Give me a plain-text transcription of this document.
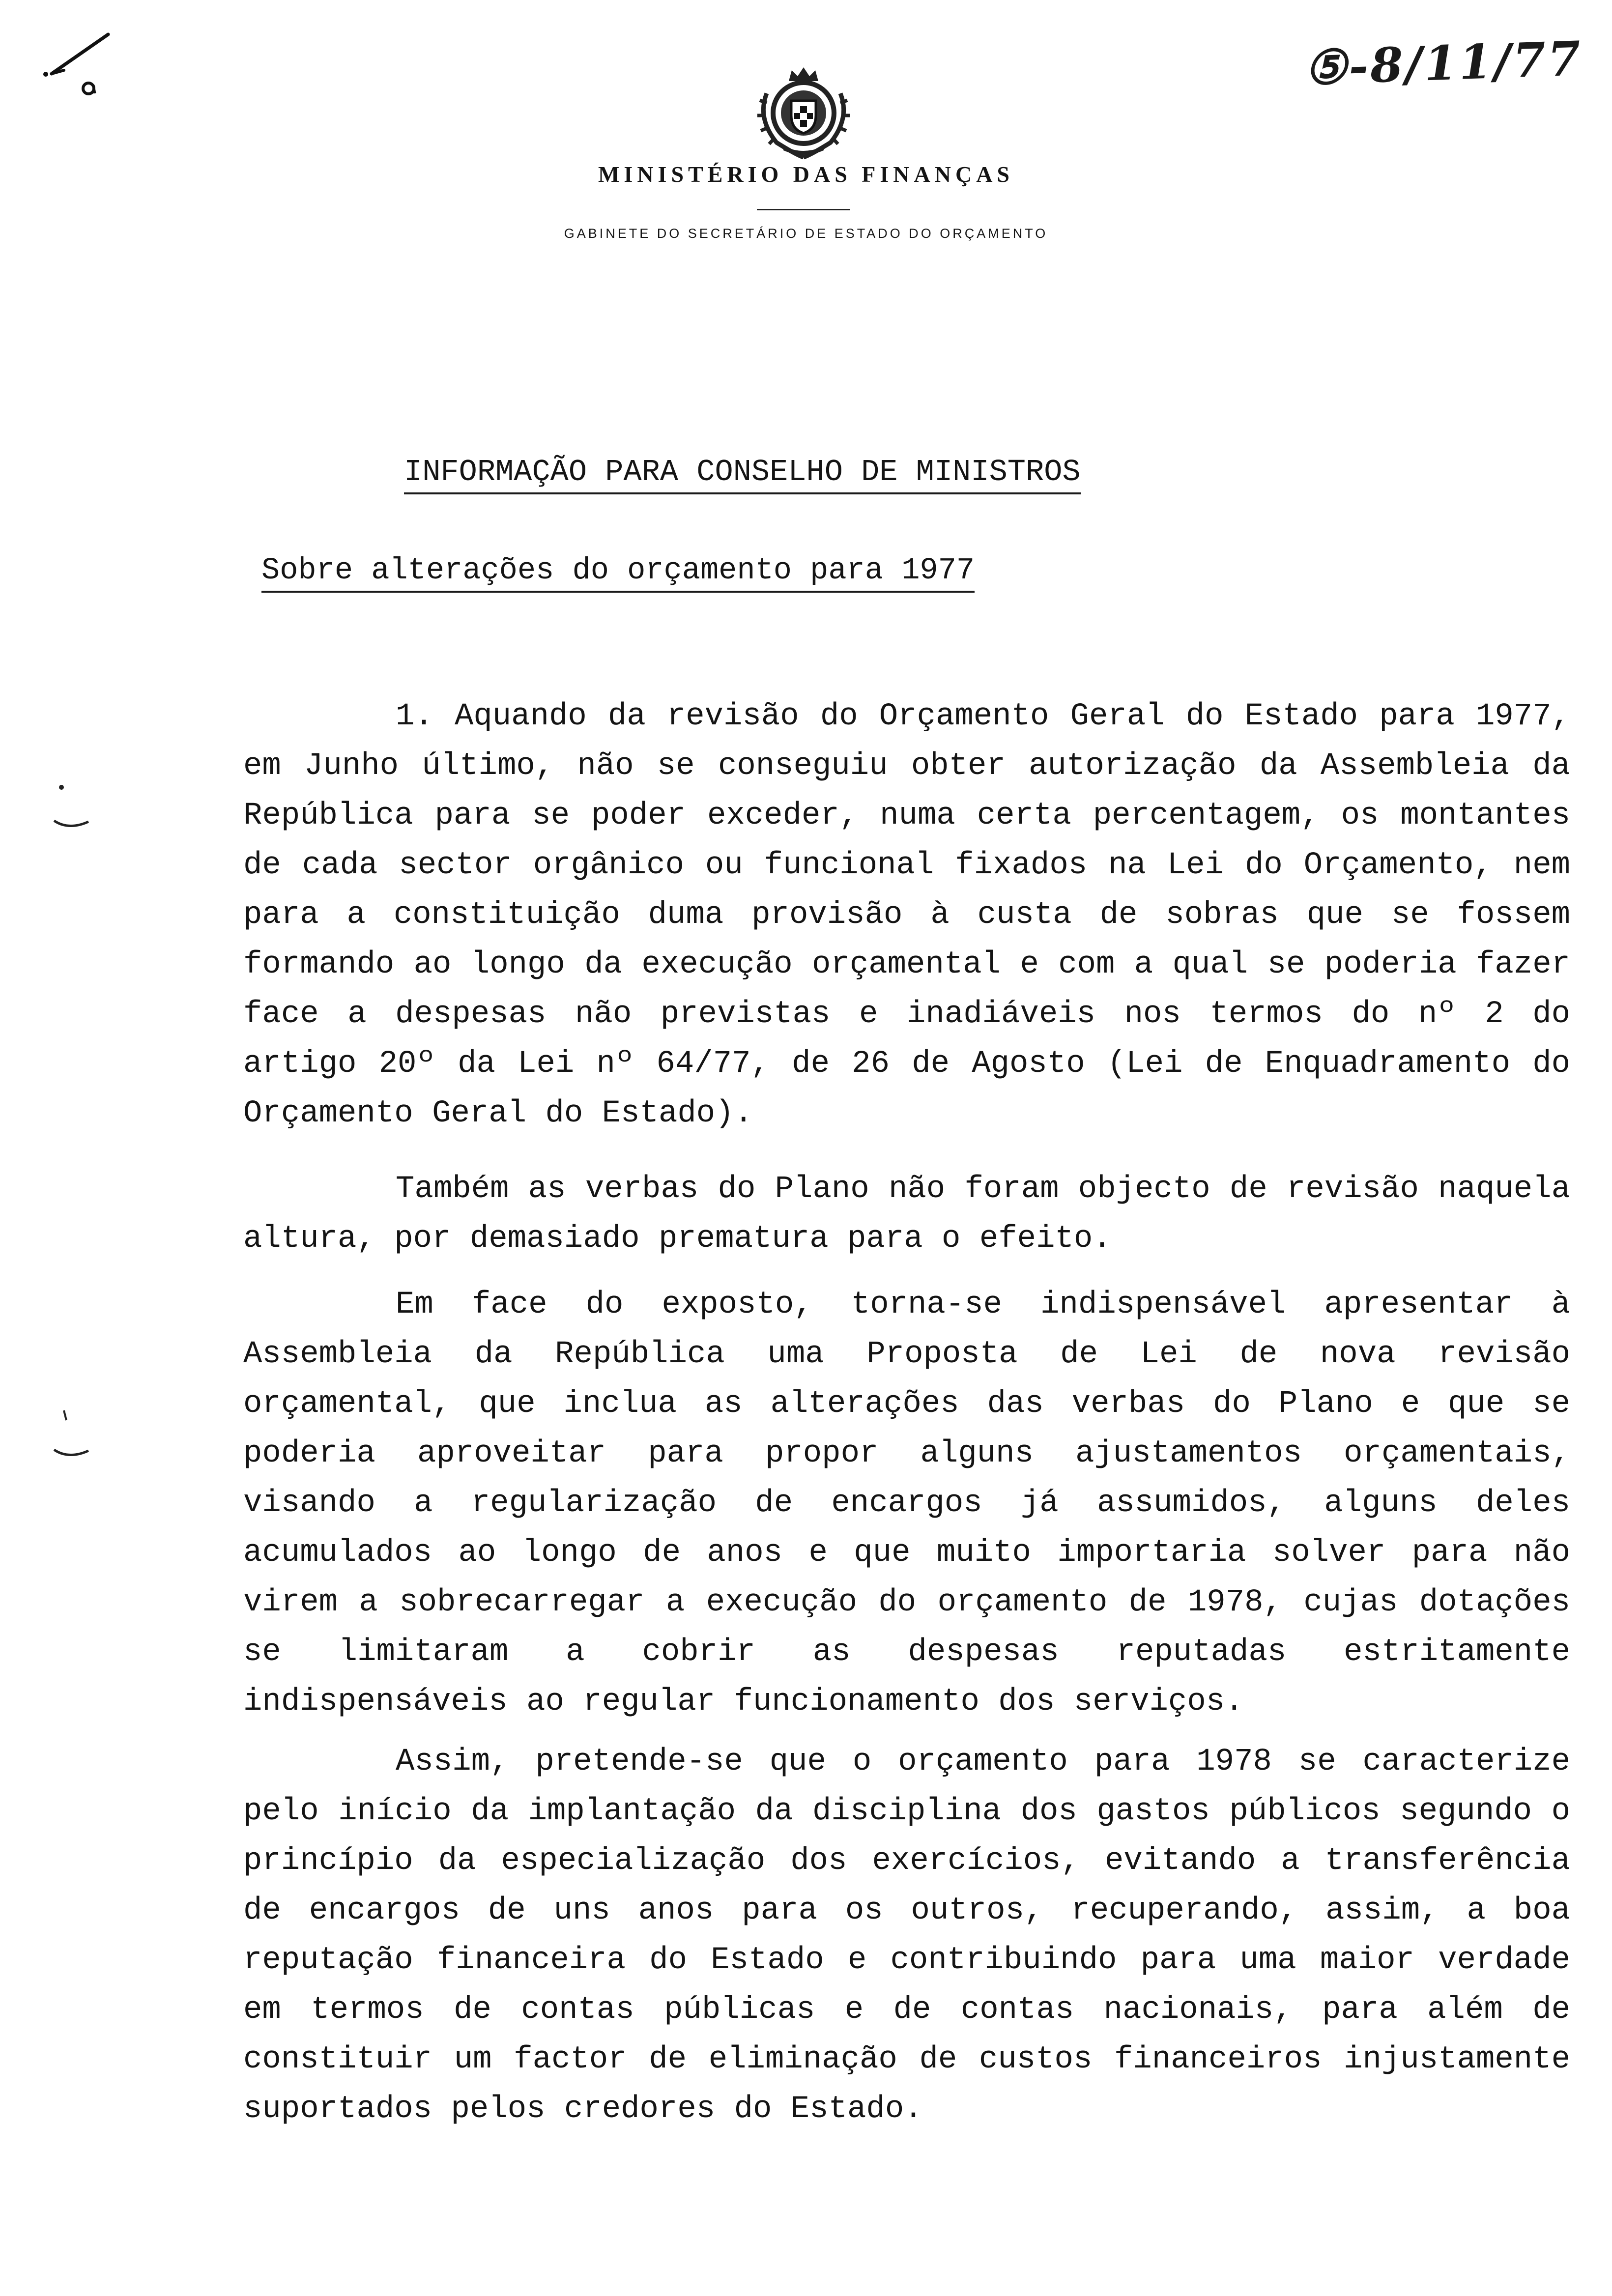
⑤-8/11/77
MINISTÉRIO DAS FINANÇAS
GABINETE DO SECRETÁRIO DE ESTADO DO ORÇAMENTO
INFORMAÇÃO PARA CONSELHO DE MINISTROS
Sobre alterações do orçamento para 1977

1. Aquando da revisão do Orçamento Geral do Estado para 1977, em Junho último, não se conseguiu obter autorização da Assembleia da República para se poder exceder, numa certa percentagem, os montantes de cada sector orgânico ou funcional fixados na Lei do Orçamento, nem para a constituição duma provisão à custa de sobras que se fossem formando ao longo da execução orçamental e com a qual se poderia fazer face a despesas não previstas e inadiáveis nos termos do nº 2 do artigo 20º da Lei nº 64/77, de 26 de Agosto (Lei de Enquadramento do Orçamento Geral do Estado).

Também as verbas do Plano não foram objecto de revisão naquela altura, por demasiado prematura para o efeito.

Em face do exposto, torna-se indispensável apresentar à Assembleia da República uma Proposta de Lei de nova revisão orçamental, que inclua as alterações das verbas do Plano e que se poderia aproveitar para propor alguns ajustamentos orçamentais, visando a regularização de encargos já assumidos, alguns deles acumulados ao longo de anos e que muito importaria solver para não virem a sobrecarregar a execução do orçamento de 1978, cujas dotações se limitaram a cobrir as despesas reputadas estritamente indispensáveis ao regular funcionamento dos serviços.

Assim, pretende-se que o orçamento para 1978 se caracterize pelo início da implantação da disciplina dos gastos públicos segundo o princípio da especialização dos exercícios, evitando a transferência de encargos de uns anos para os outros, recuperando, assim, a boa reputação financeira do Estado e contribuindo para uma maior verdade em termos de contas públicas e de contas nacionais, para além de constituir um factor de eliminação de custos financeiros injustamente suportados pelos credores do Estado.
